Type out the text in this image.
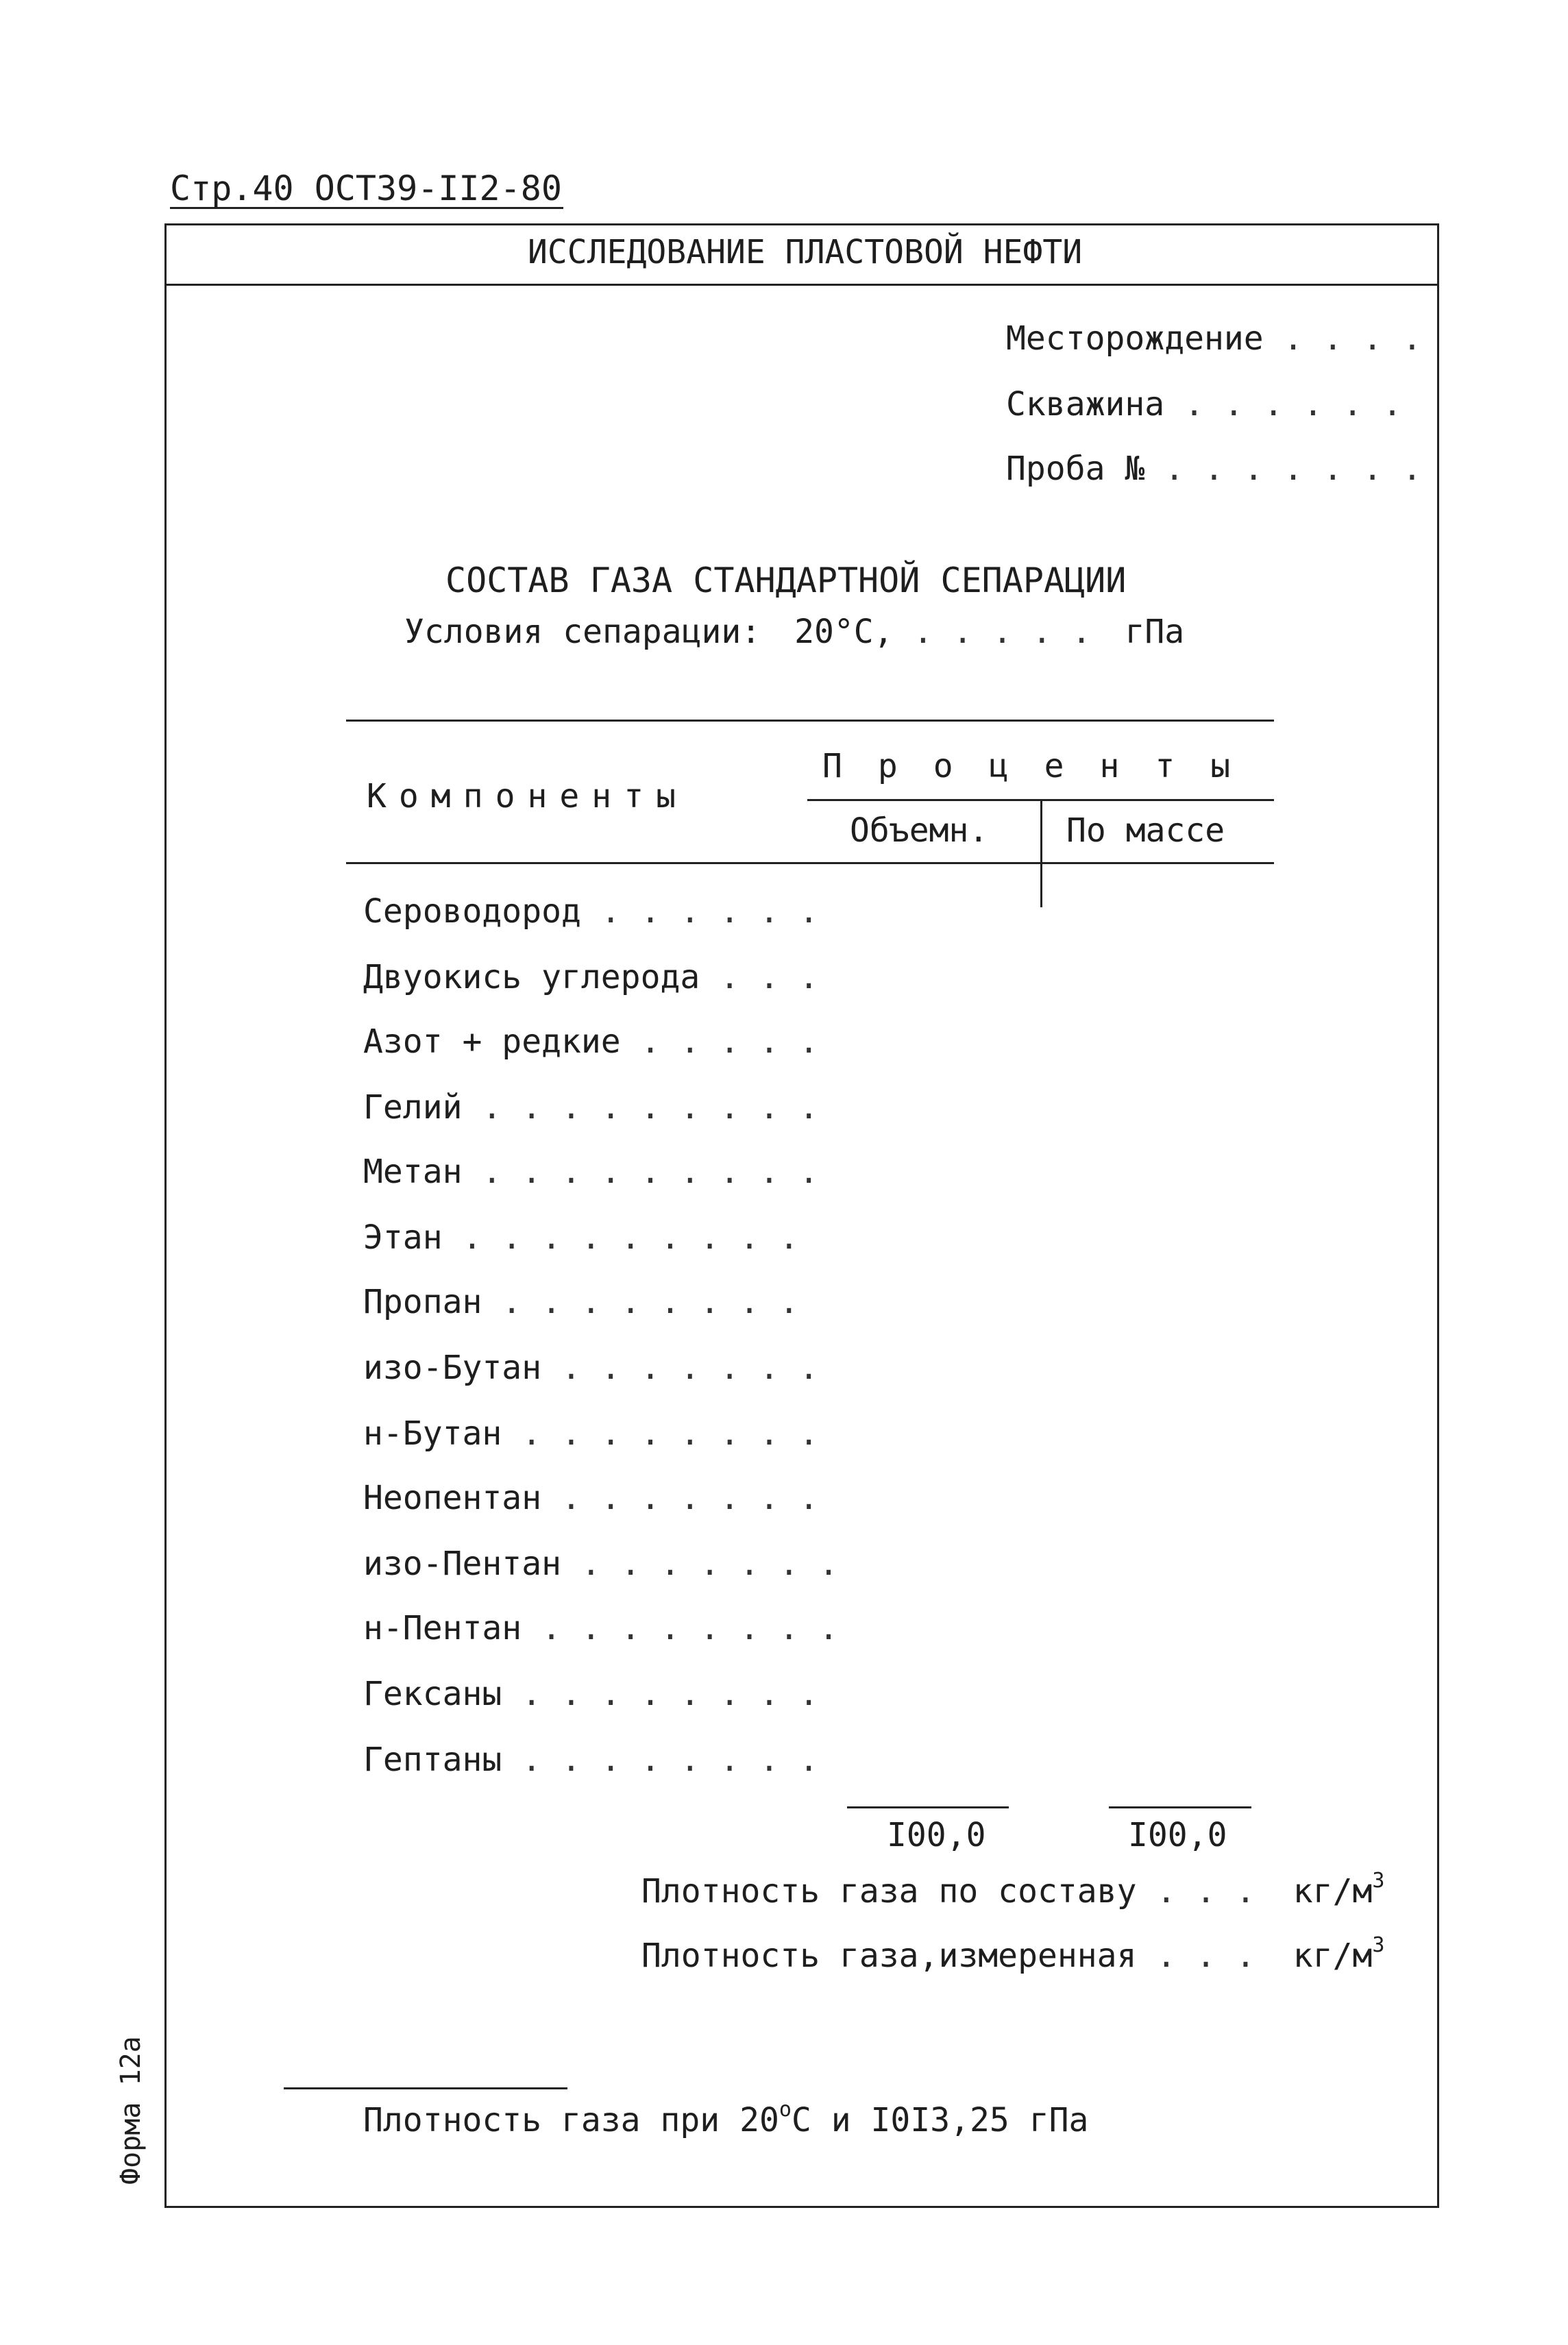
Стр.40 ОСТ39-II2-80
ИССЛЕДОВАНИЕ ПЛАСТОВОЙ НЕФТИ
Месторождение . . . .
Скважина . . . . . .
Проба № . . . . . . .
СОСТАВ ГАЗА СТАНДАРТНОЙ СЕПАРАЦИИ
Условия сепарации: 20°С, . . . . . гПа
Компоненты
Проценты
Объемн. По массе
Сероводород . . . . . .
Двуокись углерода . . .
Азот + редкие . . . . .
Гелий . . . . . . . . .
Метан . . . . . . . . .
Этан . . . . . . . . .
Пропан . . . . . . . .
изо-Бутан . . . . . . .
н-Бутан . . . . . . . .
Неопентан . . . . . . .
изо-Пентан . . . . . . .
н-Пентан . . . . . . . .
Гексаны . . . . . . . .
Гептаны . . . . . . . .
I00,0	I00,0
Плотность газа по составу . . . $кг/м^3$
Плотность газа,измеренная . . . $кг/м^3$
Плотность газа при $20^оС$ и I0I3,25 гПа
Форма 12а
